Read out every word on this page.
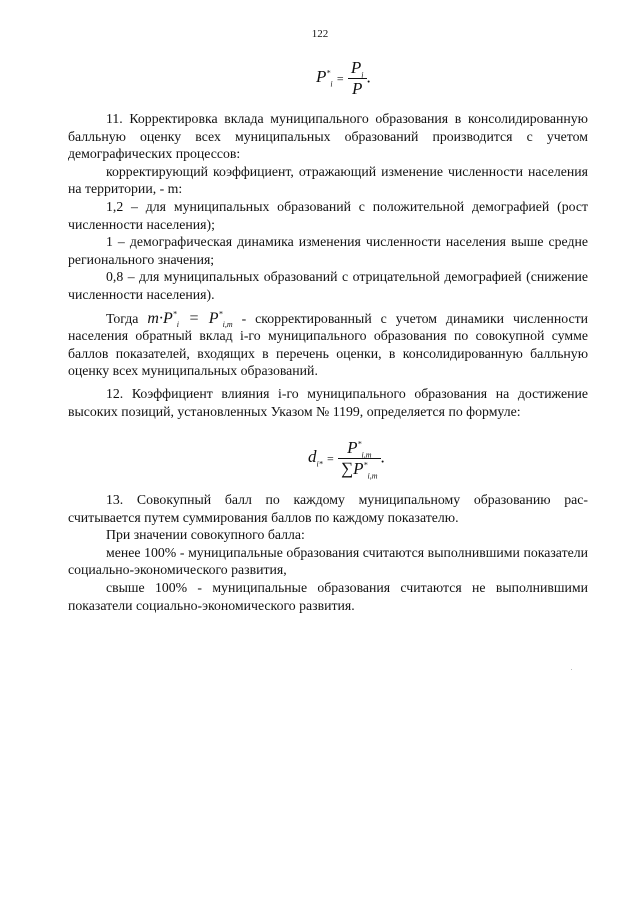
122
$P^*_i = \frac{P_i}{P}$ .

11. Корректировка вклада муниципального образования в консолидированную балльную оценку всех муниципальных образований производится с учетом демографических процессов:

корректирующий коэффициент, отражающий изменение численности населения на территории, - m:

1,2 – для муниципальных образований с положительной демографией (рост численности населения);

1 – демографическая динамика изменения численности населения выше средне регионального значения;

0,8 – для муниципальных образований с отрицательной демографией (снижение численности населения).

Тогда $m\cdot P^*_i = P^*_{i,m}$ - скорректированный с учетом динамики численности населения обратный вклад i-го муниципального образования по совокупной сумме баллов показателей, входящих в перечень оценки, в консолидированную балльную оценку всех муниципальных образований.

12. Коэффициент влияния i-го муниципального образования на достижение высоких позиций, установленных Указом № 1199, определяется по формуле:

$d_{i*} = \frac{P^*_{i,m}}{\sum P^*_{i,m}}$ .

13. Совокупный балл по каждому муниципальному образованию рас-считывается путем суммирования баллов по каждому показателю.

При значении совокупного балла:

менее 100% - муниципальные образования считаются выполнившими показатели социально-экономического развития,

свыше 100% - муниципальные образования считаются не выполнившими показатели социально-экономического развития.
